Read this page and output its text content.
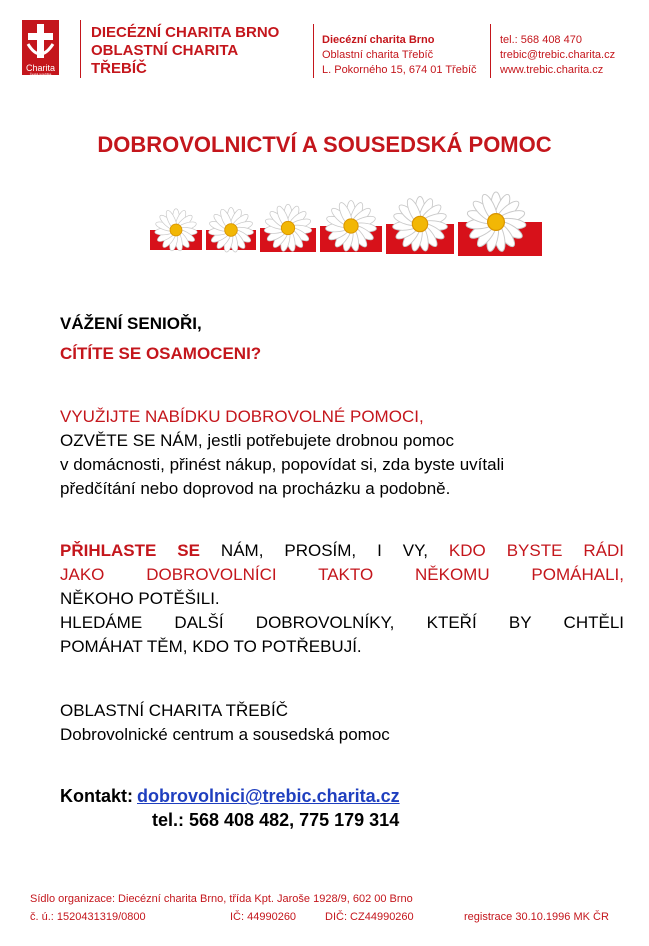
Charita
Česká republika
DIECÉZNÍ CHARITA BRNO
OBLASTNÍ CHARITA
TŘEBÍČ
Diecézní charita Brno
Oblastní charita Třebíč
L. Pokorného 15, 674 01 Třebíč
tel.: 568 408 470
trebic@trebic.charita.cz
www.trebic.charita.cz
DOBROVOLNICTVÍ A SOUSEDSKÁ POMOC
VÁŽENÍ SENIOŘI,
CÍTÍTE SE OSAMOCENI?
VYUŽIJTE NABÍDKU DOBROVOLNÉ POMOCI,
OZVĚTE SE NÁM, jestli potřebujete drobnou pomoc
v domácnosti, přinést nákup, popovídat si, zda byste uvítali
předčítání nebo doprovod na procházku a podobně.
PŘIHLASTE SE NÁM, PROSÍM, I VY, KDO BYSTE RÁDI
JAKO DOBROVOLNÍCI TAKTO NĚKOMU POMÁHALI,
NĚKOHO POTĚŠILI.
HLEDÁME DALŠÍ DOBROVOLNÍKY, KTEŘÍ BY CHTĚLI
POMÁHAT TĚM, KDO TO POTŘEBUJÍ.
OBLASTNÍ CHARITA TŘEBÍČ
Dobrovolnické centrum a sousedská pomoc
Kontakt: dobrovolnici@trebic.charita.cz
tel.: 568 408 482, 775 179 314
Sídlo organizace: Diecézní charita Brno, třída Kpt. Jaroše 1928/9, 602 00 Brno
č. ú.: 1520431319/0800	IČ: 44990260	DIČ: CZ44990260	registrace 30.10.1996 MK ČR
